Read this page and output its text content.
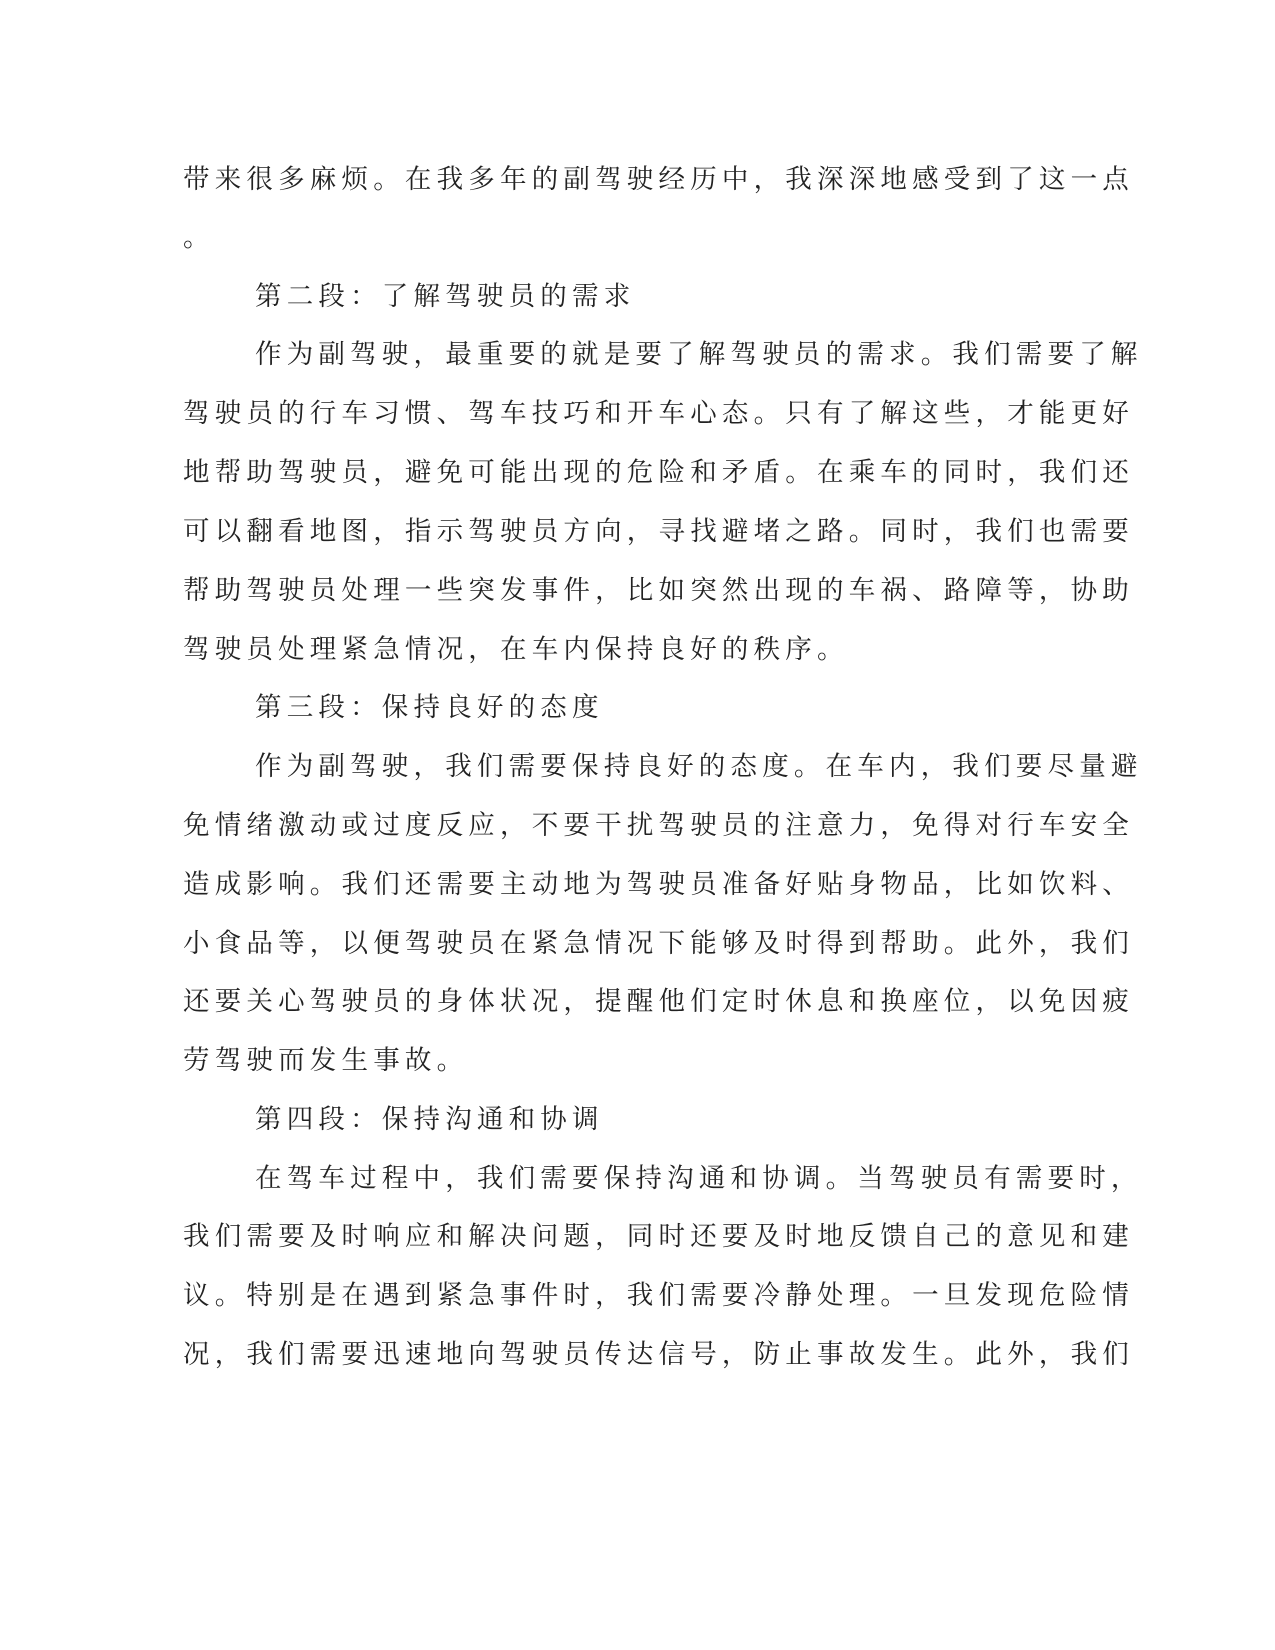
带来很多麻烦。在我多年的副驾驶经历中，我深深地感受到了这一点

。

第二段：了解驾驶员的需求

作为副驾驶，最重要的就是要了解驾驶员的需求。我们需要了解

驾驶员的行车习惯、驾车技巧和开车心态。只有了解这些，才能更好

地帮助驾驶员，避免可能出现的危险和矛盾。在乘车的同时，我们还

可以翻看地图，指示驾驶员方向，寻找避堵之路。同时，我们也需要

帮助驾驶员处理一些突发事件，比如突然出现的车祸、路障等，协助

驾驶员处理紧急情况，在车内保持良好的秩序。

第三段：保持良好的态度

作为副驾驶，我们需要保持良好的态度。在车内，我们要尽量避

免情绪激动或过度反应，不要干扰驾驶员的注意力，免得对行车安全

造成影响。我们还需要主动地为驾驶员准备好贴身物品，比如饮料、

小食品等，以便驾驶员在紧急情况下能够及时得到帮助。此外，我们

还要关心驾驶员的身体状况，提醒他们定时休息和换座位，以免因疲

劳驾驶而发生事故。

第四段：保持沟通和协调

在驾车过程中，我们需要保持沟通和协调。当驾驶员有需要时，

我们需要及时响应和解决问题，同时还要及时地反馈自己的意见和建

议。特别是在遇到紧急事件时，我们需要冷静处理。一旦发现危险情

况，我们需要迅速地向驾驶员传达信号，防止事故发生。此外，我们
